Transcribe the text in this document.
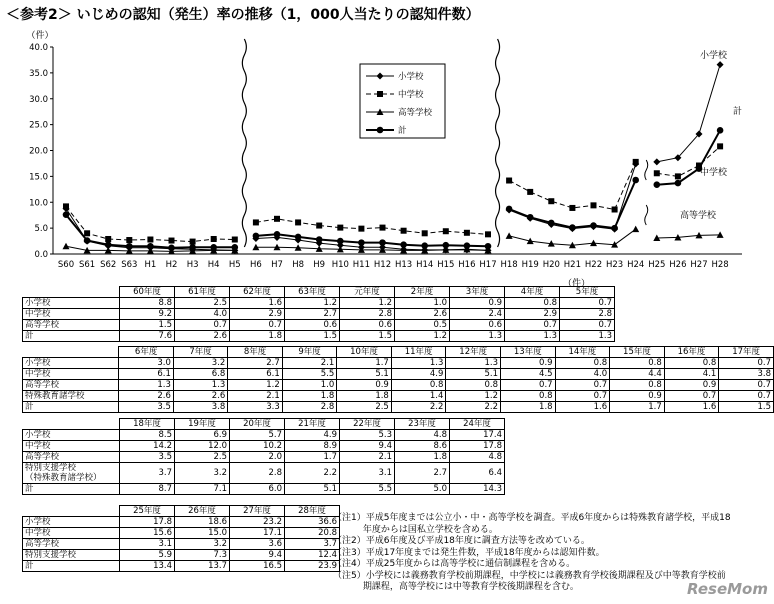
＜参考2＞ いじめの認知（発生）率の推移（1，000人当たりの認知件数）
（件）
0.0
5.0
10.0
15.0
20.0
25.0
30.0
35.0
40.0
S60 S61 S62 S63 H1 H2 H3 H4 H5 H6 H7 H8 H9 H10 H11 H12 H13 H14 H15 H16 H17 H18 H19 H20 H21 H22 H23 H24 H25 H26 H27 H28
小学校
中学校
高等学校
計
小学校
計
中学校
高等学校
（件）
	60年度	61年度	62年度	63年度	元年度	2年度	3年度	4年度	5年度
小学校	8.8	2.5	1.6	1.2	1.2	1.0	0.9	0.8	0.7
中学校	9.2	4.0	2.9	2.7	2.8	2.6	2.4	2.9	2.8
高等学校	1.5	0.7	0.7	0.6	0.6	0.5	0.6	0.7	0.7
計	7.6	2.6	1.8	1.5	1.5	1.2	1.3	1.3	1.3
	6年度	7年度	8年度	9年度	10年度	11年度	12年度	13年度	14年度	15年度	16年度	17年度
小学校	3.0	3.2	2.7	2.1	1.7	1.3	1.3	0.9	0.8	0.8	0.8	0.7
中学校	6.1	6.8	6.1	5.5	5.1	4.9	5.1	4.5	4.0	4.4	4.1	3.8
高等学校	1.3	1.3	1.2	1.0	0.9	0.8	0.8	0.7	0.7	0.8	0.9	0.7
特殊教育諸学校	2.6	2.6	2.1	1.8	1.8	1.4	1.2	0.8	0.7	0.9	0.7	0.7
計	3.5	3.8	3.3	2.8	2.5	2.2	2.2	1.8	1.6	1.7	1.6	1.5
	18年度	19年度	20年度	21年度	22年度	23年度	24年度
小学校	8.5	6.9	5.7	4.9	5.3	4.8	17.4
中学校	14.2	12.0	10.2	8.9	9.4	8.6	17.8
高等学校	3.5	2.5	2.0	1.7	2.1	1.8	4.8
特別支援学校
（特殊教育諸学校）	3.7	3.2	2.8	2.2	3.1	2.7	6.4
計	8.7	7.1	6.0	5.1	5.5	5.0	14.3
	25年度	26年度	27年度	28年度
小学校	17.8	18.6	23.2	36.6
中学校	15.6	15.0	17.1	20.8
高等学校	3.1	3.2	3.6	3.7
特別支援学校	5.9	7.3	9.4	12.4
計	13.4	13.7	16.5	23.9
（注1）平成5年度までは公立小・中・高等学校を調査。平成6年度からは特殊教育諸学校，平成18
　　　 年度からは国私立学校を含める。
（注2）平成6年度及び平成18年度に調査方法等を改めている。
（注3）平成17年度までは発生件数，平成18年度からは認知件数。
（注4）平成25年度からは高等学校に通信制課程を含める。
（注5）小学校には義務教育学校前期課程，中学校には義務教育学校後期課程及び中等教育学校前
　　　 期課程，高等学校には中等教育学校後期課程を含む。	ReseMom
